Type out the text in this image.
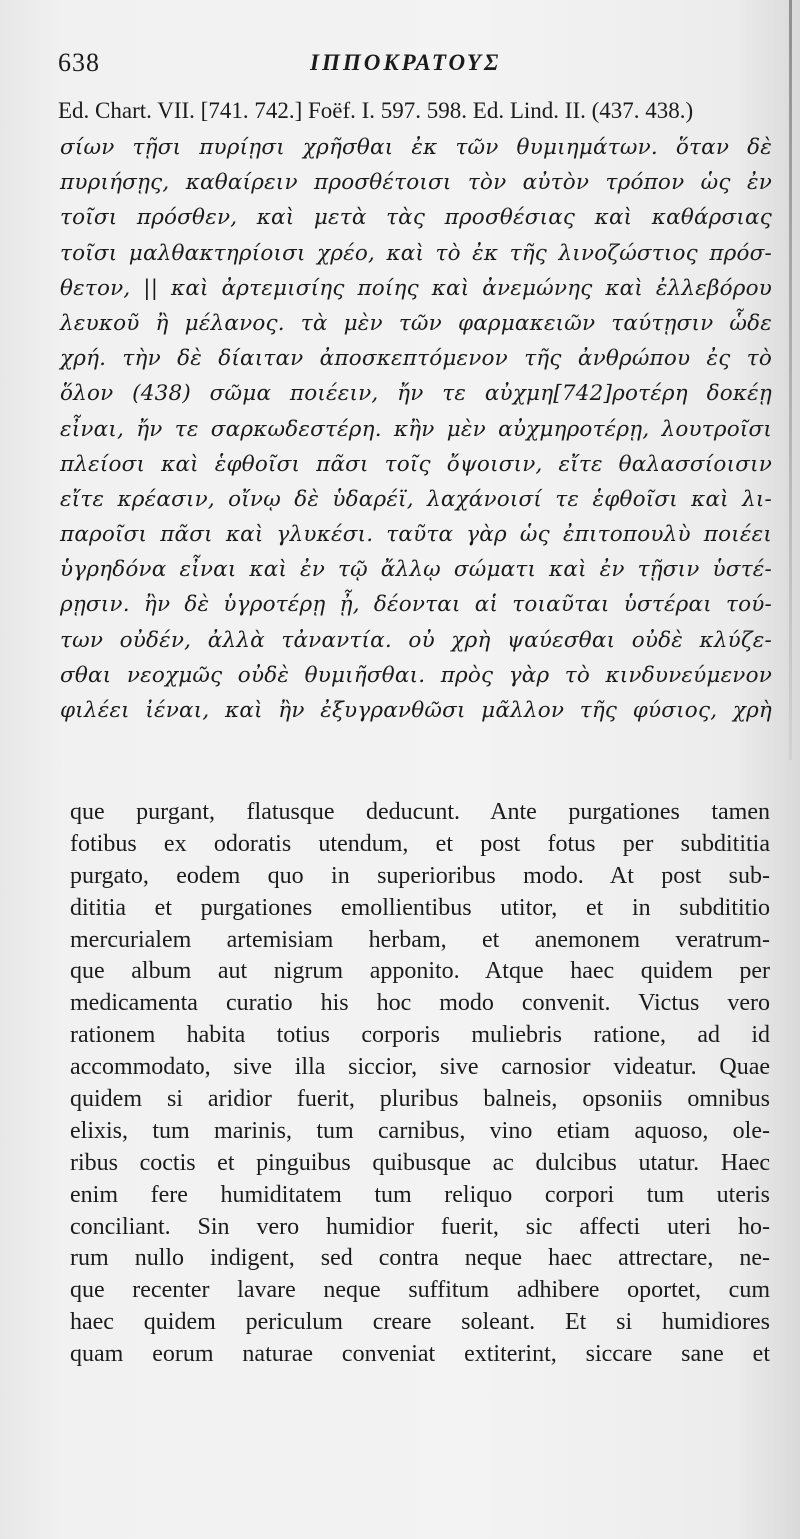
638	ΙΠΠΟΚΡΑΤΟΥΣ
Ed. Chart. VII. [741. 742.] Foëf. I. 597. 598. Ed. Lind. II. (437. 438.)
σίων τῇσι πυρίῃσι χρῆσθαι ἐκ τῶν θυμιημάτων. ὅταν δὲ
πυριήσῃς, καθαίρειν προσθέτοισι τὸν αὐτὸν τρόπον ὡς ἐν
τοῖσι πρόσθεν, καὶ μετὰ τὰς προσθέσιας καὶ καθάρσιας
τοῖσι μαλθακτηρίοισι χρέο, καὶ τὸ ἐκ τῆς λινοζώστιος πρόσ-
θετον, || καὶ ἀρτεμισίης ποίης καὶ ἀνεμώνης καὶ ἐλλεβόρου
λευκοῦ ἢ μέλανος. τὰ μὲν τῶν φαρμακειῶν ταύτῃσιν ὧδε
χρή. τὴν δὲ δίαιταν ἀποσκεπτόμενον τῆς ἀνθρώπου ἐς τὸ
ὅλον (438) σῶμα ποιέειν, ἤν τε αὐχμη[742]ροτέρη δοκέῃ
εἶναι, ἤν τε σαρκωδεστέρη. κἢν μὲν αὐχμηροτέρῃ, λουτροῖσι
πλείοσι καὶ ἑφθοῖσι πᾶσι τοῖς ὄψοισιν, εἴτε θαλασσίοισιν
εἴτε κρέασιν, οἴνῳ δὲ ὑδαρέϊ, λαχάνοισί τε ἑφθοῖσι καὶ λι-
παροῖσι πᾶσι καὶ γλυκέσι. ταῦτα γὰρ ὡς ἐπιτοπουλὺ ποιέει
ὑγρηδόνα εἶναι καὶ ἐν τῷ ἄλλῳ σώματι καὶ ἐν τῇσιν ὑστέ-
ρῃσιν. ἢν δὲ ὑγροτέρῃ ᾖ, δέονται αἱ τοιαῦται ὑστέραι τού-
των οὐδέν, ἀλλὰ τἀναντία. οὐ χρὴ ψαύεσθαι οὐδὲ κλύζε-
σθαι νεοχμῶς οὐδὲ θυμιῆσθαι. πρὸς γὰρ τὸ κινδυνεύμενον
φιλέει ἰέναι, καὶ ἢν ἐξυγρανθῶσι μᾶλλον τῆς φύσιος, χρὴ
que purgant, flatusque deducunt. Ante purgationes tamen
fotibus ex odoratis utendum, et post fotus per subdititia
purgato, eodem quo in superioribus modo. At post sub-
dititia et purgationes emollientibus utitor, et in subdititio
mercurialem artemisiam herbam, et anemonem veratrum-
que album aut nigrum apponito. Atque haec quidem per
medicamenta curatio his hoc modo convenit. Victus vero
rationem habita totius corporis muliebris ratione, ad id
accommodato, sive illa siccior, sive carnosior videatur. Quae
quidem si aridior fuerit, pluribus balneis, opsoniis omnibus
elixis, tum marinis, tum carnibus, vino etiam aquoso, ole-
ribus coctis et pinguibus quibusque ac dulcibus utatur. Haec
enim fere humiditatem tum reliquo corpori tum uteris
conciliant. Sin vero humidior fuerit, sic affecti uteri ho-
rum nullo indigent, sed contra neque haec attrectare, ne-
que recenter lavare neque suffitum adhibere oportet, cum
haec quidem periculum creare soleant. Et si humidiores
quam eorum naturae conveniat extiterint, siccare sane et
